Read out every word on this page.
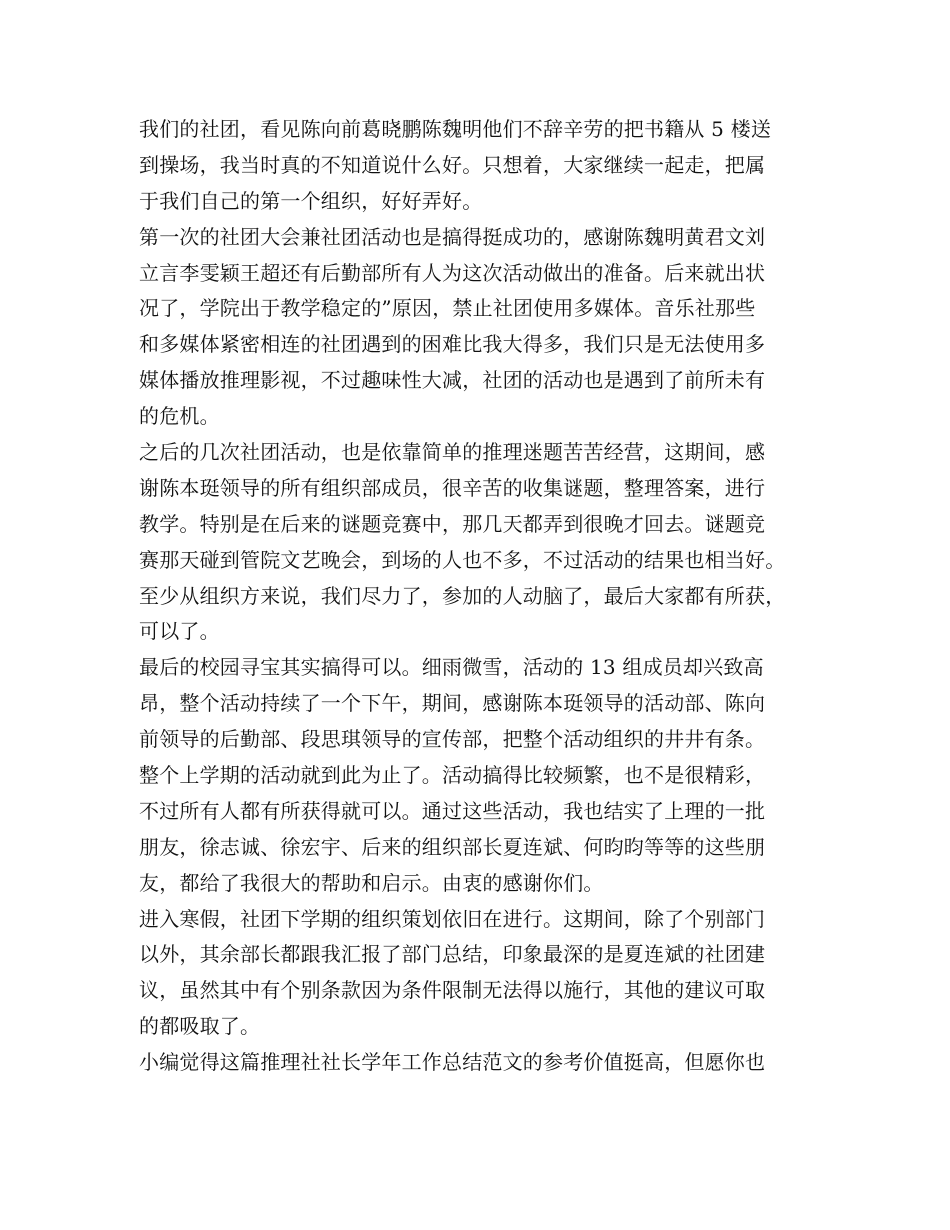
我们的社团，看见陈向前葛晓鹏陈魏明他们不辞辛劳的把书籍从 5 楼送
到操场，我当时真的不知道说什么好。只想着，大家继续一起走，把属
于我们自己的第一个组织，好好弄好。
第一次的社团大会兼社团活动也是搞得挺成功的，感谢陈魏明黄君文刘
立言李雯颖王超还有后勤部所有人为这次活动做出的准备。后来就出状
况了，学院出于教学稳定的”原因，禁止社团使用多媒体。音乐社那些
和多媒体紧密相连的社团遇到的困难比我大得多，我们只是无法使用多
媒体播放推理影视，不过趣味性大减，社团的活动也是遇到了前所未有
的危机。
之后的几次社团活动，也是依靠简单的推理迷题苦苦经营，这期间，感
谢陈本珽领导的所有组织部成员，很辛苦的收集谜题，整理答案，进行
教学。特别是在后来的谜题竞赛中，那几天都弄到很晚才回去。谜题竞
赛那天碰到管院文艺晚会，到场的人也不多，不过活动的结果也相当好。
至少从组织方来说，我们尽力了，参加的人动脑了，最后大家都有所获，
可以了。
最后的校园寻宝其实搞得可以。细雨微雪，活动的 13 组成员却兴致高
昂，整个活动持续了一个下午，期间，感谢陈本珽领导的活动部、陈向
前领导的后勤部、段思琪领导的宣传部，把整个活动组织的井井有条。
整个上学期的活动就到此为止了。活动搞得比较频繁，也不是很精彩，
不过所有人都有所获得就可以。通过这些活动，我也结实了上理的一批
朋友，徐志诚、徐宏宇、后来的组织部长夏连斌、何昀昀等等的这些朋
友，都给了我很大的帮助和启示。由衷的感谢你们。
进入寒假，社团下学期的组织策划依旧在进行。这期间，除了个别部门
以外，其余部长都跟我汇报了部门总结，印象最深的是夏连斌的社团建
议，虽然其中有个别条款因为条件限制无法得以施行，其他的建议可取
的都吸取了。
小编觉得这篇推理社社长学年工作总结范文的参考价值挺高，但愿你也
